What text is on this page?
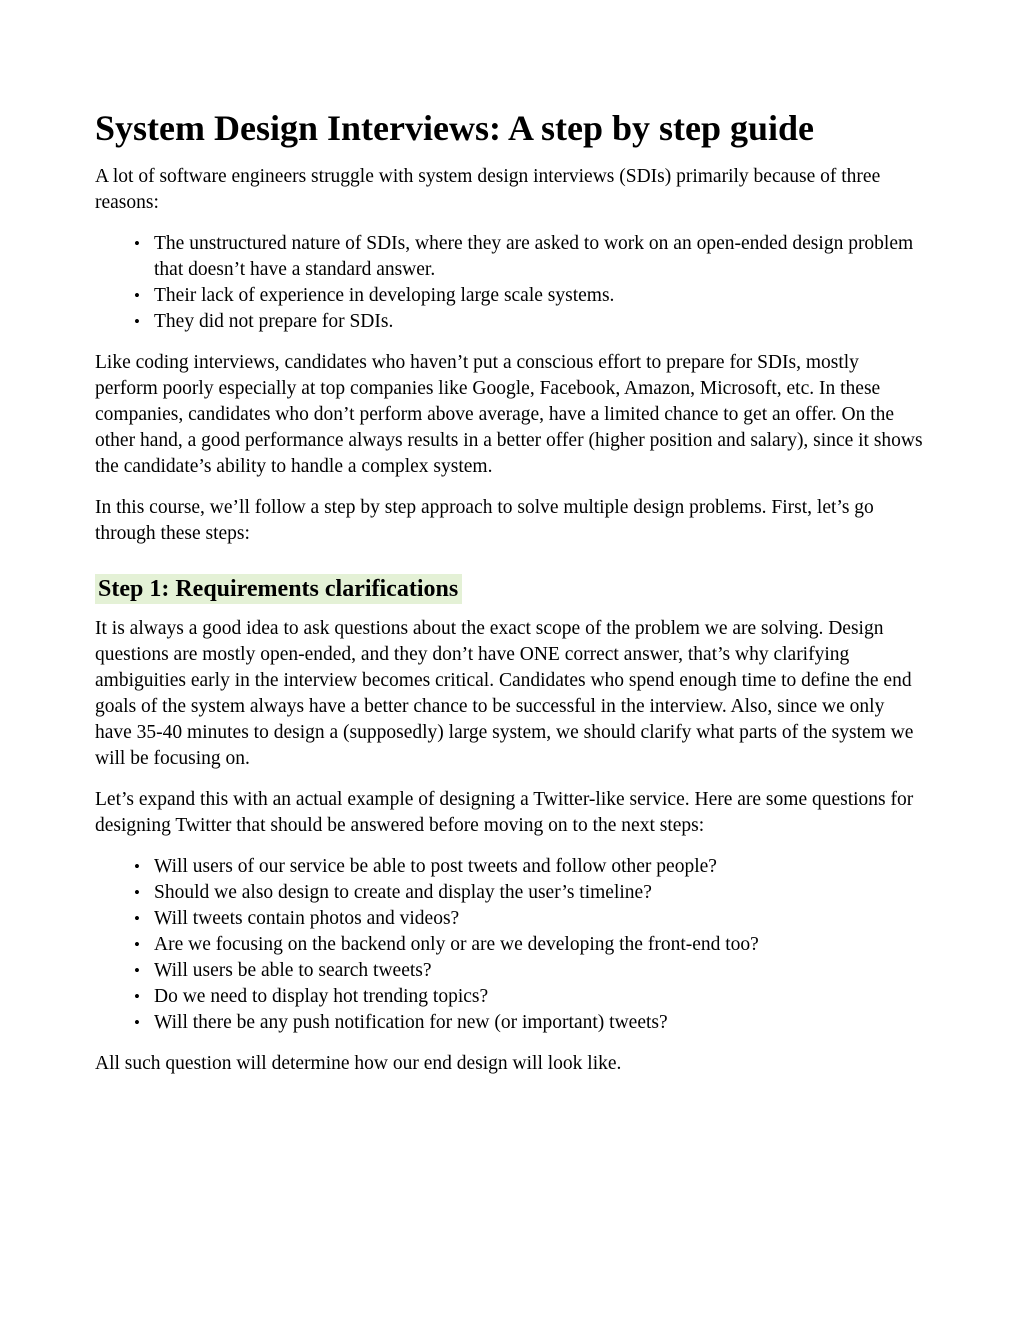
System Design Interviews: A step by step guide

A lot of software engineers struggle with system design interviews (SDIs) primarily because of three reasons:

• The unstructured nature of SDIs, where they are asked to work on an open-ended design problem that doesn’t have a standard answer.
• Their lack of experience in developing large scale systems.
• They did not prepare for SDIs.

Like coding interviews, candidates who haven’t put a conscious effort to prepare for SDIs, mostly perform poorly especially at top companies like Google, Facebook, Amazon, Microsoft, etc. In these companies, candidates who don’t perform above average, have a limited chance to get an offer. On the other hand, a good performance always results in a better offer (higher position and salary), since it shows the candidate’s ability to handle a complex system.

In this course, we’ll follow a step by step approach to solve multiple design problems. First, let’s go through these steps:

Step 1: Requirements clarifications

It is always a good idea to ask questions about the exact scope of the problem we are solving. Design questions are mostly open-ended, and they don’t have ONE correct answer, that’s why clarifying ambiguities early in the interview becomes critical. Candidates who spend enough time to define the end goals of the system always have a better chance to be successful in the interview. Also, since we only have 35-40 minutes to design a (supposedly) large system, we should clarify what parts of the system we will be focusing on.

Let’s expand this with an actual example of designing a Twitter-like service. Here are some questions for designing Twitter that should be answered before moving on to the next steps:

• Will users of our service be able to post tweets and follow other people?
• Should we also design to create and display the user’s timeline?
• Will tweets contain photos and videos?
• Are we focusing on the backend only or are we developing the front-end too?
• Will users be able to search tweets?
• Do we need to display hot trending topics?
• Will there be any push notification for new (or important) tweets?

All such question will determine how our end design will look like.
